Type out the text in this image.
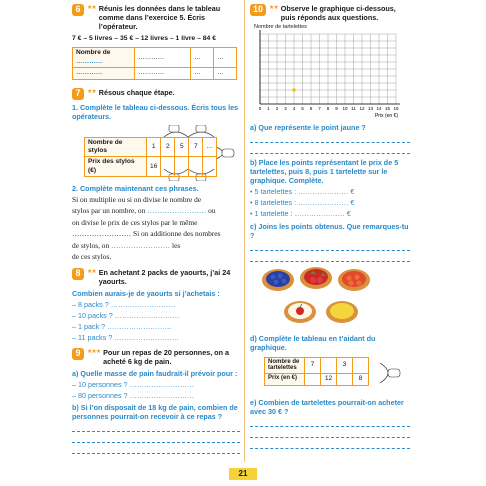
6	★★ Réunis les données dans le tableau comme dans l’exercice 5. Écris l’opérateur.
7 € – 5 livres – 35 € – 12 livres – 1 livre – 84 €
Nombre de …………	…………	…	…
…………	…………	…	…
7	★★ Résous chaque étape.
1. Complète le tableau ci-dessous. Écris tous les opérateurs.
Nombre de stylos	1	2	5	7	…
Prix des stylos (€)	16				
2. Complète maintenant ces phrases.
Si on multiplie ou si on divise le nombre de
stylos par un nombre, on …………………… ou
on divise le prix de ces stylos par le même
…………………… Si on additionne des nombres
de stylos, on …………………… les
de ces stylos.
8	★★ En achetant 2 packs de yaourts, j’ai 24 yaourts.
Combien aurais-je de yaourts si j’achetais :
– 8 packs ? ………………………
– 10 packs ? ………………………
– 1 pack ? ………………………
– 11 packs ? ………………………
9	★★★ Pour un repas de 20 personnes, on a acheté 6 kg de pain.
a) Quelle masse de pain faudrait-il prévoir pour :
– 10 personnes ? ………………………
– 80 personnes ? ………………………
b) Si l’on disposait de 18 kg de pain, combien de personnes pourrait-on recevoir à ce repas ?
10	★★ Observe le graphique ci-dessous, puis réponds aux questions.
Nombre de tartelettes
0 1 2 3 4 5 6 7 8 9 10 11 12 13 14 15 16
Prix (en €)
a) Que représente le point jaune ?
b) Place les points représentant le prix de 5 tartelettes, puis 8, puis 1 tartelette sur le graphique. Complète.
• 5 tartelettes : ………………… €
• 8 tartelettes : ………………… €
• 1 tartelette : ………………… €
c) Joins les points obtenus. Que remarques-tu ?
d) Complète le tableau en t’aidant du graphique.
Nombre de tartelettes	7		3	
Prix (en €)		12		8
e) Combien de tartelettes pourrait-on acheter avec 30 € ?
21
